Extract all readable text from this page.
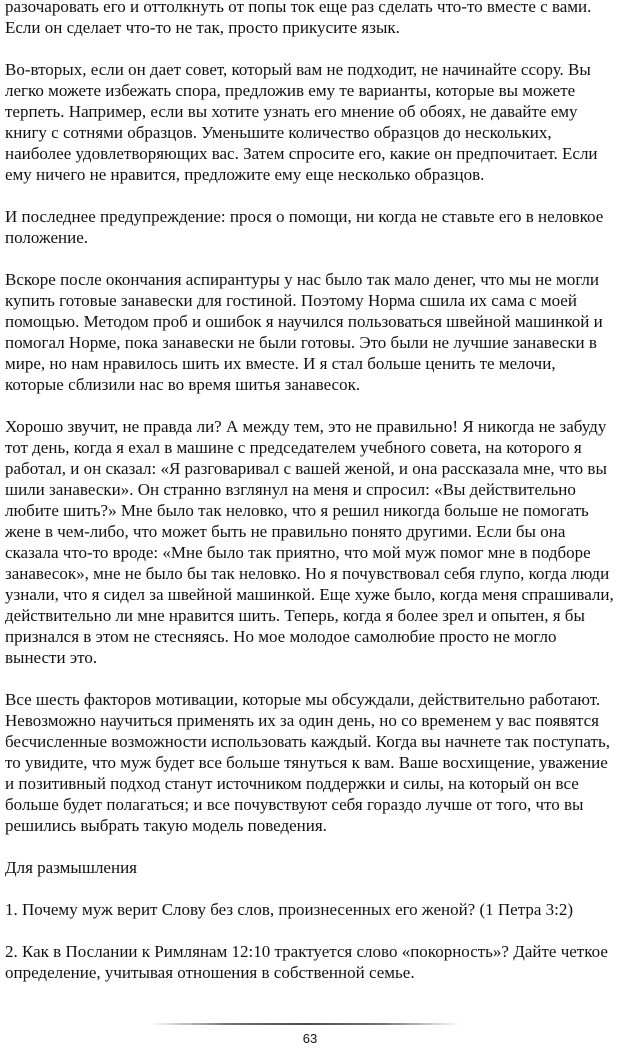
разочаровать его и оттолкнуть от попы ток еще раз сделать что-то вместе с вами. Если он сделает что-то не так, просто прикусите язык.

Во-вторых, если он дает совет, который вам не подходит, не начинайте ссору. Вы легко можете избежать спора, предложив ему те варианты, которые вы можете терпеть. Например, если вы хотите узнать его мнение об обоях, не давайте ему книгу с сотнями образцов. Уменьшите количество образцов до нескольких, наиболее удовлетворяющих вас. Затем спросите его, какие он предпочитает. Если ему ничего не нравится, предложите ему еще несколько образцов.

И последнее предупреждение: прося о помощи, ни когда не ставьте его в неловкое положение.

Вскоре после окончания аспирантуры у нас было так мало денег, что мы не могли купить готовые занавески для гостиной. Поэтому Норма сшила их сама с моей помощью. Методом проб и ошибок я научился пользоваться швейной машинкой и помогал Норме, пока занавески не были готовы. Это были не лучшие занавески в мире, но нам нравилось шить их вместе. И я стал больше ценить те мелочи, которые сблизили нас во время шитья занавесок.

Хорошо звучит, не правда ли? А между тем, это не правильно! Я никогда не забуду тот день, когда я ехал в машине с председателем учебного совета, на которого я работал, и он сказал: «Я разговаривал с вашей женой, и она рассказала мне, что вы шили занавески». Он странно взглянул на меня и спросил: «Вы действительно любите шить?» Мне было так неловко, что я решил никогда больше не помогать жене в чем-либо, что может быть не правильно понято другими. Если бы она сказала что-то вроде: «Мне было так приятно, что мой муж помог мне в подборе занавесок», мне не было бы так неловко. Но я почувствовал себя глупо, когда люди узнали, что я сидел за швейной машинкой. Еще хуже было, когда меня спрашивали, действительно ли мне нравится шить. Теперь, когда я более зрел и опытен, я бы признался в этом не стесняясь. Но мое молодое самолюбие просто не могло вынести это.

Все шесть факторов мотивации, которые мы обсуждали, действительно работают. Невозможно научиться применять их за один день, но со временем у вас появятся бесчисленные возможности использовать каждый. Когда вы начнете так поступать, то увидите, что муж будет все больше тянуться к вам. Ваше восхищение, уважение и позитивный подход станут источником поддержки и силы, на который он все больше будет полагаться; и все почувствуют себя гораздо лучше от того, что вы решились выбрать такую модель поведения.

Для размышления

1. Почему муж верит Слову без слов, произнесенных его женой? (1 Петра 3:2)

2. Как в Послании к Римлянам 12:10 трактуется слово «покорность»? Дайте четкое определение, учитывая отношения в собственной семье.

63
